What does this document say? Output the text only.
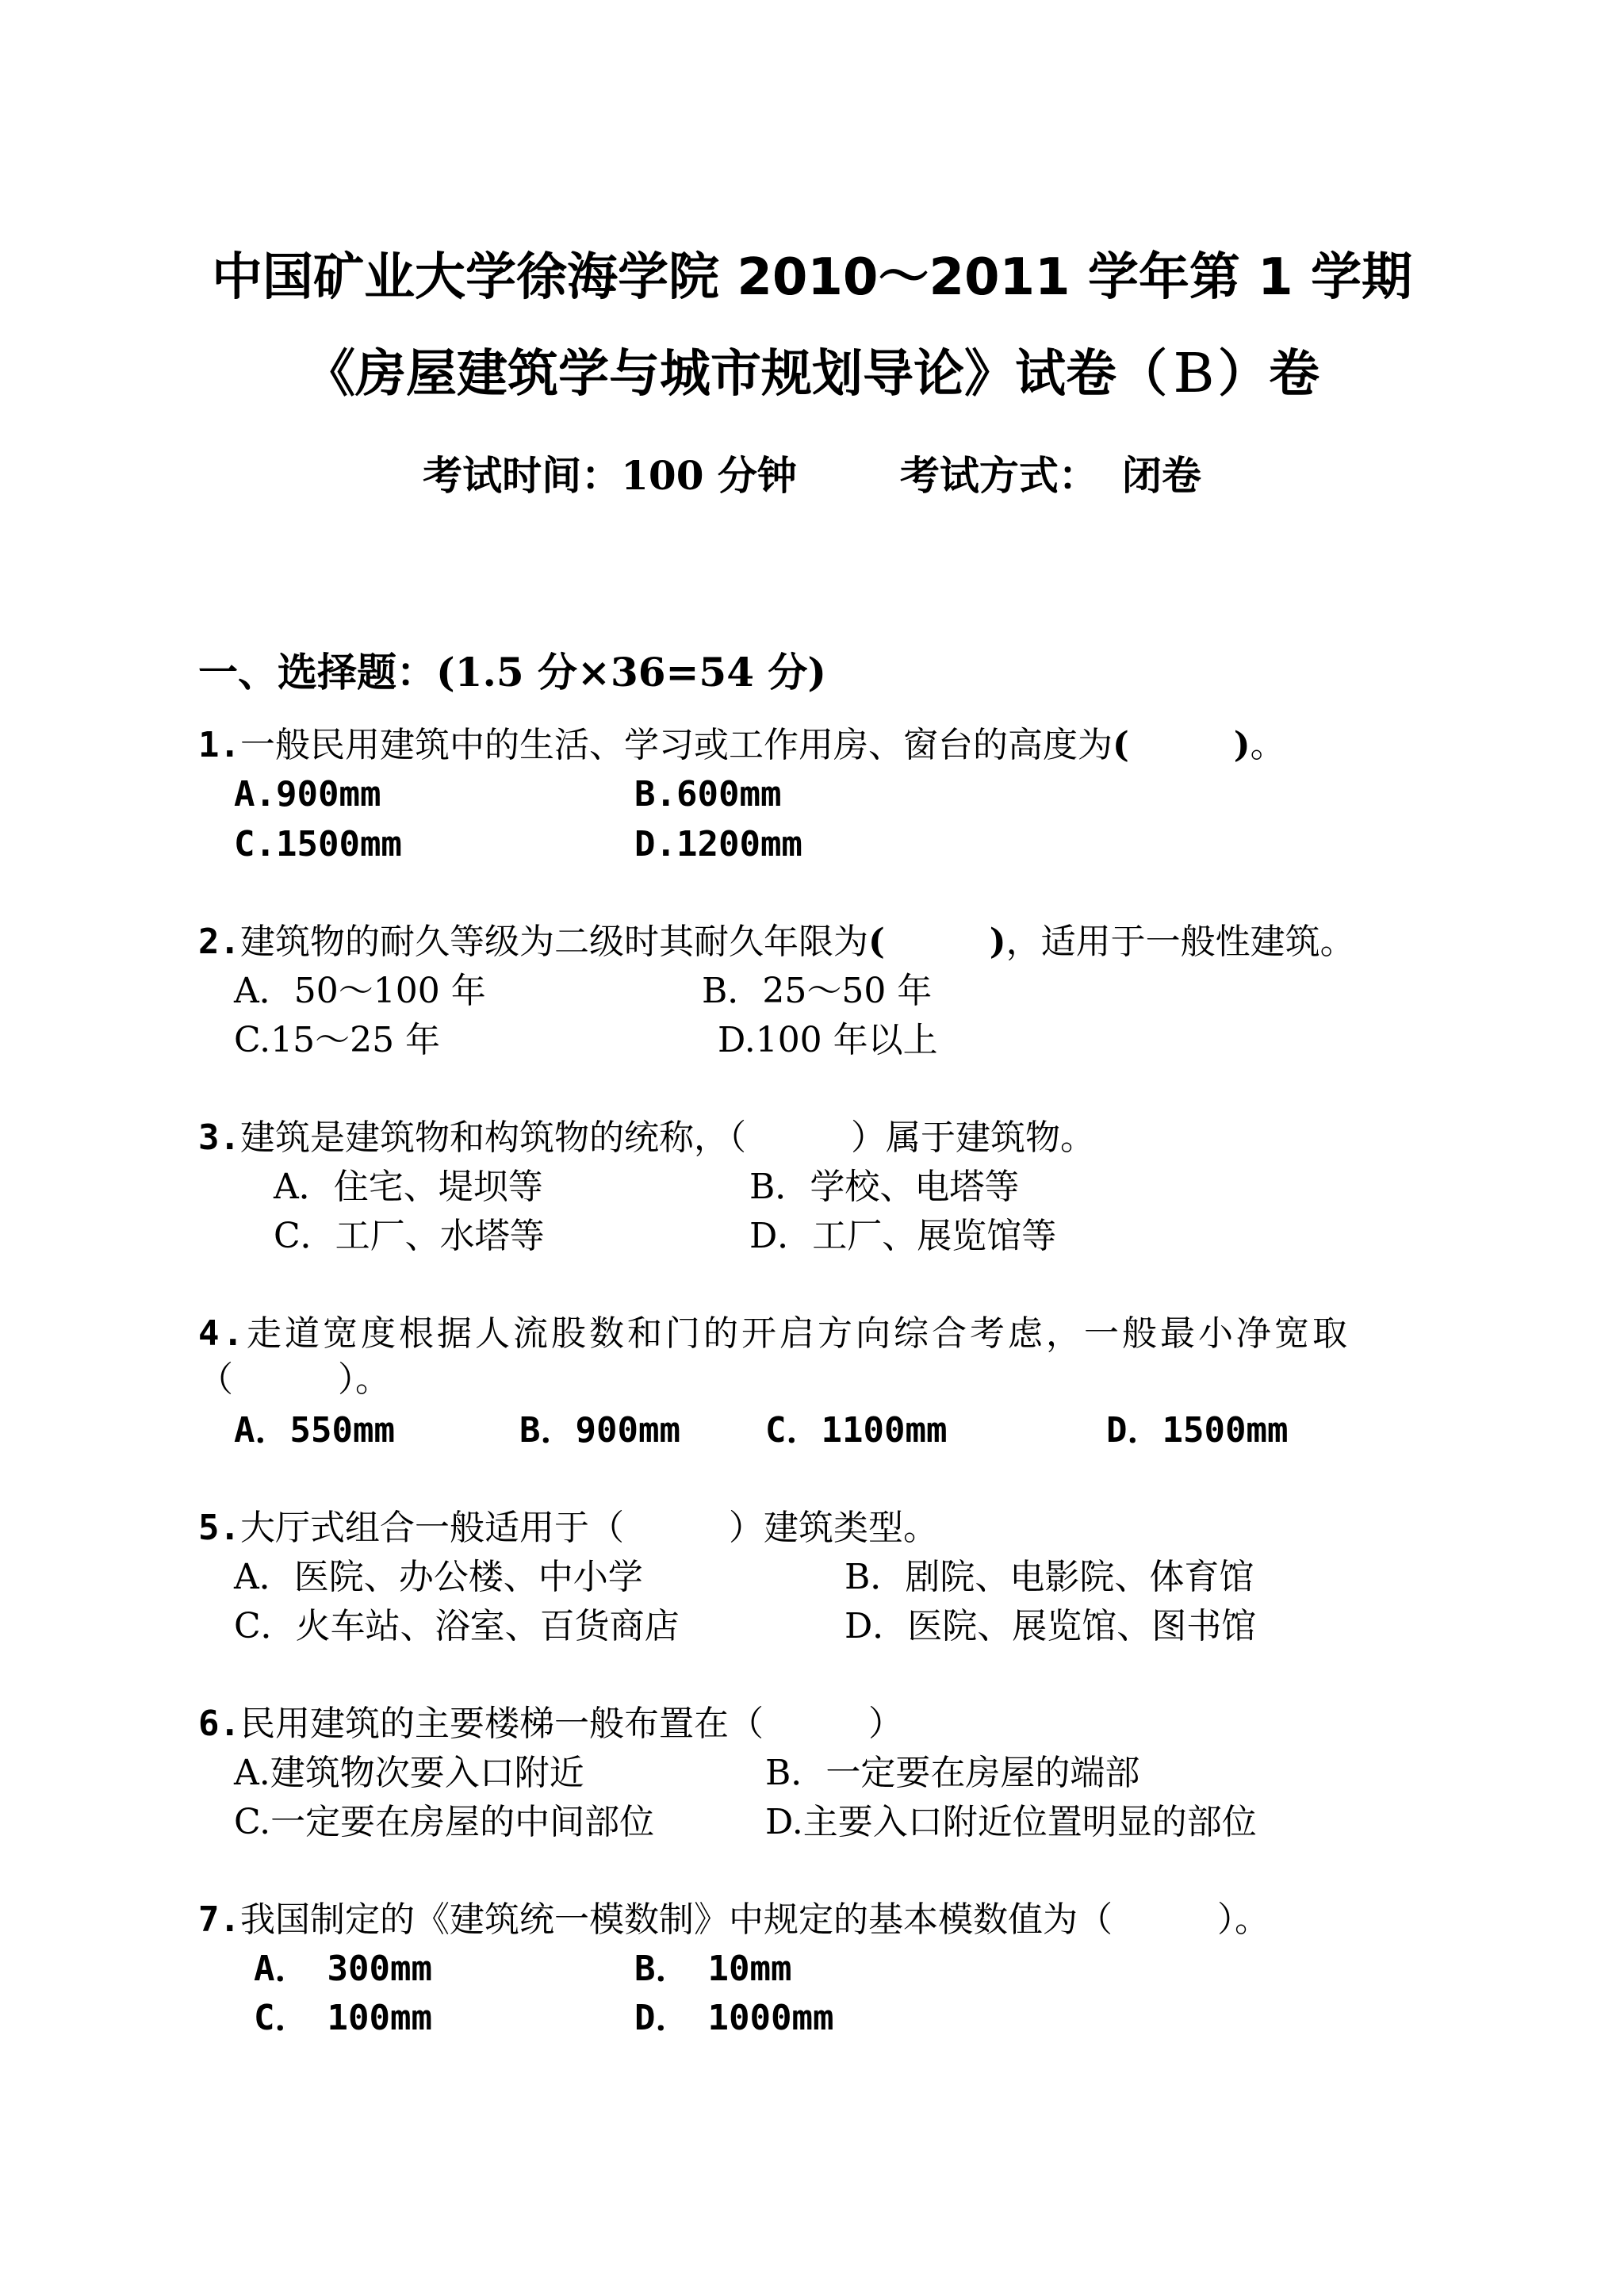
中国矿业大学徐海学院 2010～2011 学年第 1 学期
《房屋建筑学与城市规划导论》试卷（Ｂ）卷
考试时间：100 分钟	考试方式： 闭卷
一、选择题：(1.5 分×36=54 分)
1.一般民用建筑中的生活、学习或工作用房、窗台的高度为(　　　)。
A.900mm	B.600mm
C.1500mm	D.1200mm
2.建筑物的耐久等级为二级时其耐久年限为(　　　)，适用于一般性建筑。
A．50～100 年	B．25～50 年
C.15～25 年	D.100 年以上
3.建筑是建筑物和构筑物的统称，（　　　）属于建筑物。
A．住宅、堤坝等	B．学校、电塔等
C．工厂、水塔等	D．工厂、展览馆等
4.走道宽度根据人流股数和门的开启方向综合考虑，一般最小净宽取
（　　　）。
A．550mm	B．900mm C．1100mm	D．1500mm
5.大厅式组合一般适用于（　　　）建筑类型。
A．医院、办公楼、中小学	B．剧院、电影院、体育馆
C．火车站、浴室、百货商店	D．医院、展览馆、图书馆
6.民用建筑的主要楼梯一般布置在（　　　）
A.建筑物次要入口附近	B．一定要在房屋的端部
C.一定要在房屋的中间部位	D.主要入口附近位置明显的部位
7.我国制定的《建筑统一模数制》中规定的基本模数值为（　　　）。
A．　300mm	B．　10mm
C．　100mm	D．　1000mm
